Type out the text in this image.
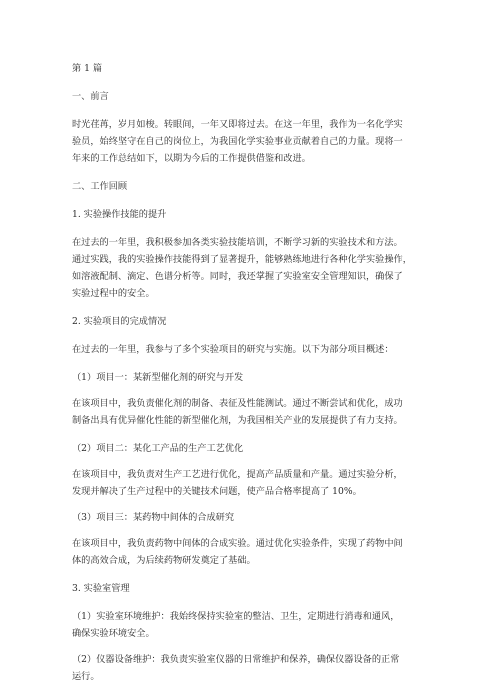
第 1 篇

一、前言

时光荏苒，岁月如梭。转眼间，一年又即将过去。在这一年里，我作为一名化学实

验员，始终坚守在自己的岗位上，为我国化学实验事业贡献着自己的力量。现将一

年来的工作总结如下，以期为今后的工作提供借鉴和改进。

二、工作回顾

1. 实验操作技能的提升

在过去的一年里，我积极参加各类实验技能培训，不断学习新的实验技术和方法。

通过实践，我的实验操作技能得到了显著提升，能够熟练地进行各种化学实验操作，

如溶液配制、滴定、色谱分析等。同时，我还掌握了实验室安全管理知识，确保了

实验过程中的安全。

2. 实验项目的完成情况

在过去的一年里，我参与了多个实验项目的研究与实施。以下为部分项目概述：

（1）项目一：某新型催化剂的研究与开发

在该项目中，我负责催化剂的制备、表征及性能测试。通过不断尝试和优化，成功

制备出具有优异催化性能的新型催化剂，为我国相关产业的发展提供了有力支持。

（2）项目二：某化工产品的生产工艺优化

在该项目中，我负责对生产工艺进行优化，提高产品质量和产量。通过实验分析，

发现并解决了生产过程中的关键技术问题，使产品合格率提高了 10%。

（3）项目三：某药物中间体的合成研究

在该项目中，我负责药物中间体的合成实验。通过优化实验条件，实现了药物中间

体的高效合成，为后续药物研发奠定了基础。

3. 实验室管理

（1）实验室环境维护：我始终保持实验室的整洁、卫生，定期进行消毒和通风，

确保实验环境安全。

（2）仪器设备维护：我负责实验室仪器的日常维护和保养，确保仪器设备的正常

运行。
